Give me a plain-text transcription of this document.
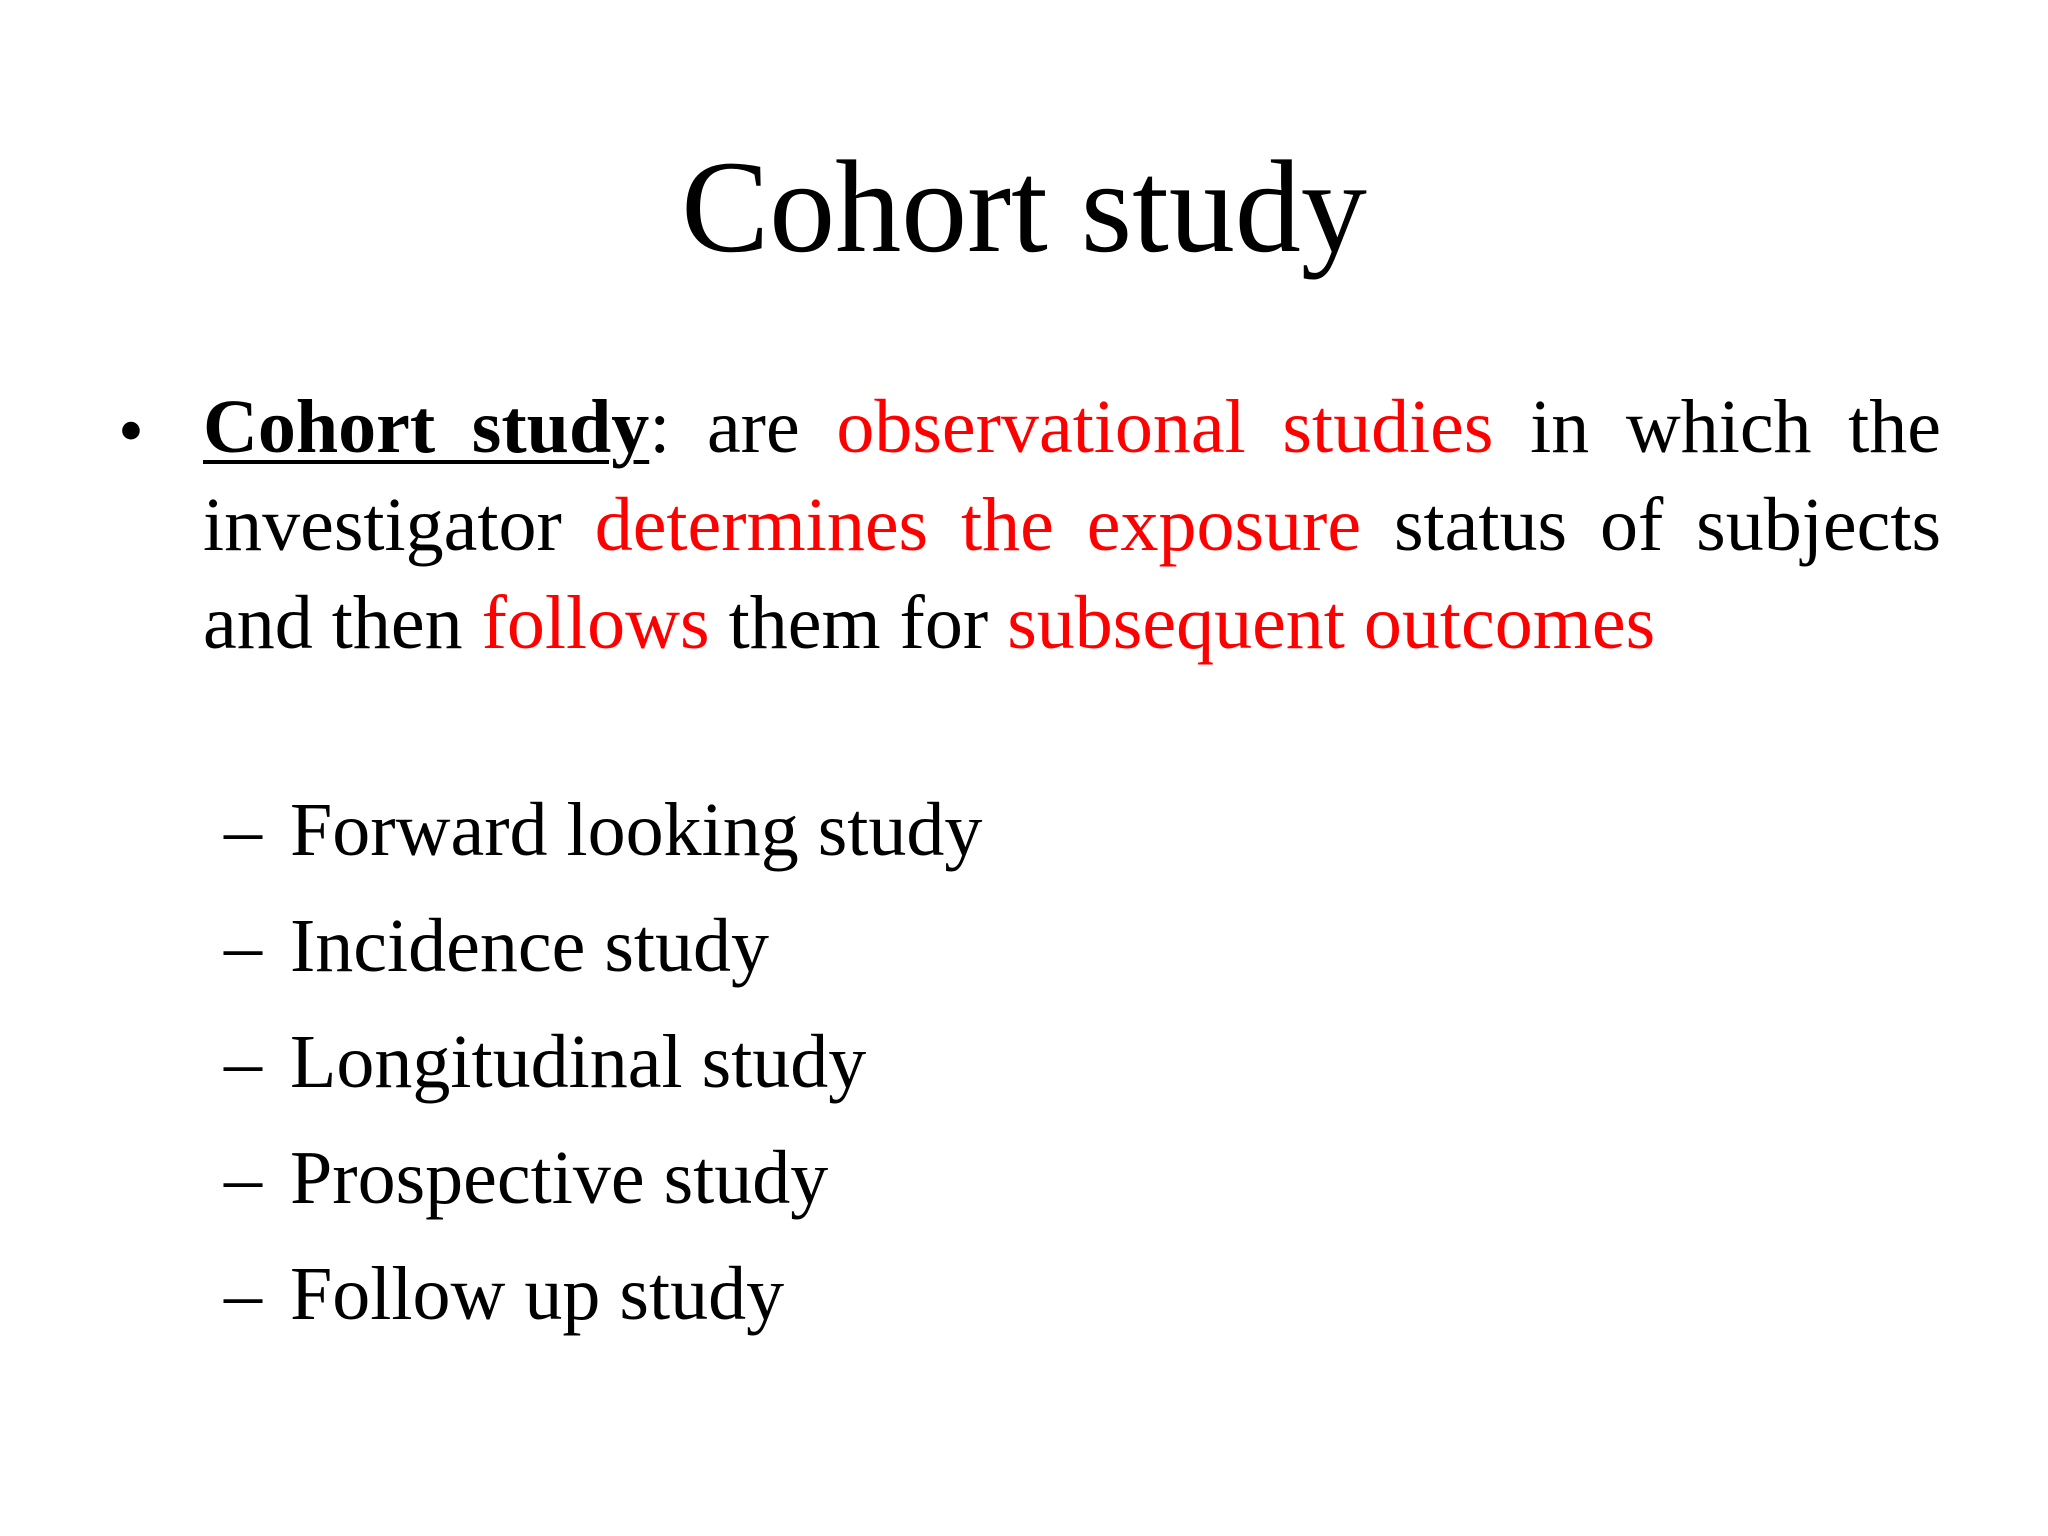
Cohort study
• Cohort study: are observational studies in which the investigator determines the exposure status of subjects and then follows them for subsequent outcomes
– Forward looking study
– Incidence study
– Longitudinal study
– Prospective study
– Follow up study
